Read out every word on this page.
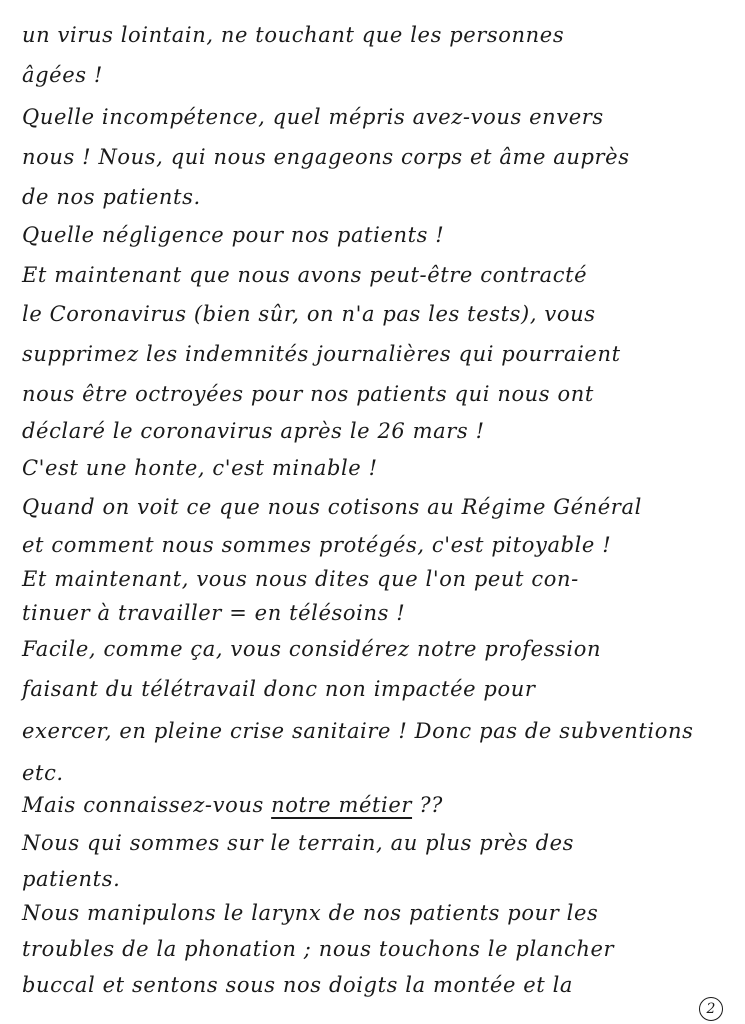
un virus lointain, ne touchant que les personnes
âgées !
Quelle incompétence, quel mépris avez-vous envers
nous ! Nous, qui nous engageons corps et âme auprès
de nos patients.
Quelle négligence pour nos patients !
Et maintenant que nous avons peut-être contracté
le Coronavirus (bien sûr, on n'a pas les tests), vous
supprimez les indemnités journalières qui pourraient
nous être octroyées pour nos patients qui nous ont
déclaré le coronavirus après le 26 mars !
C'est une honte, c'est minable !
Quand on voit ce que nous cotisons au Régime Général
et comment nous sommes protégés, c'est pitoyable !
Et maintenant, vous nous dites que l'on peut con-
tinuer à travailler = en télésoins !
Facile, comme ça, vous considérez notre profession
faisant du télétravail donc non impactée pour
exercer, en pleine crise sanitaire ! Donc pas de subventions
etc.
Mais connaissez-vous notre métier ??
Nous qui sommes sur le terrain, au plus près des
patients.
Nous manipulons le larynx de nos patients pour les
troubles de la phonation ; nous touchons le plancher
buccal et sentons sous nos doigts la montée et la
2
